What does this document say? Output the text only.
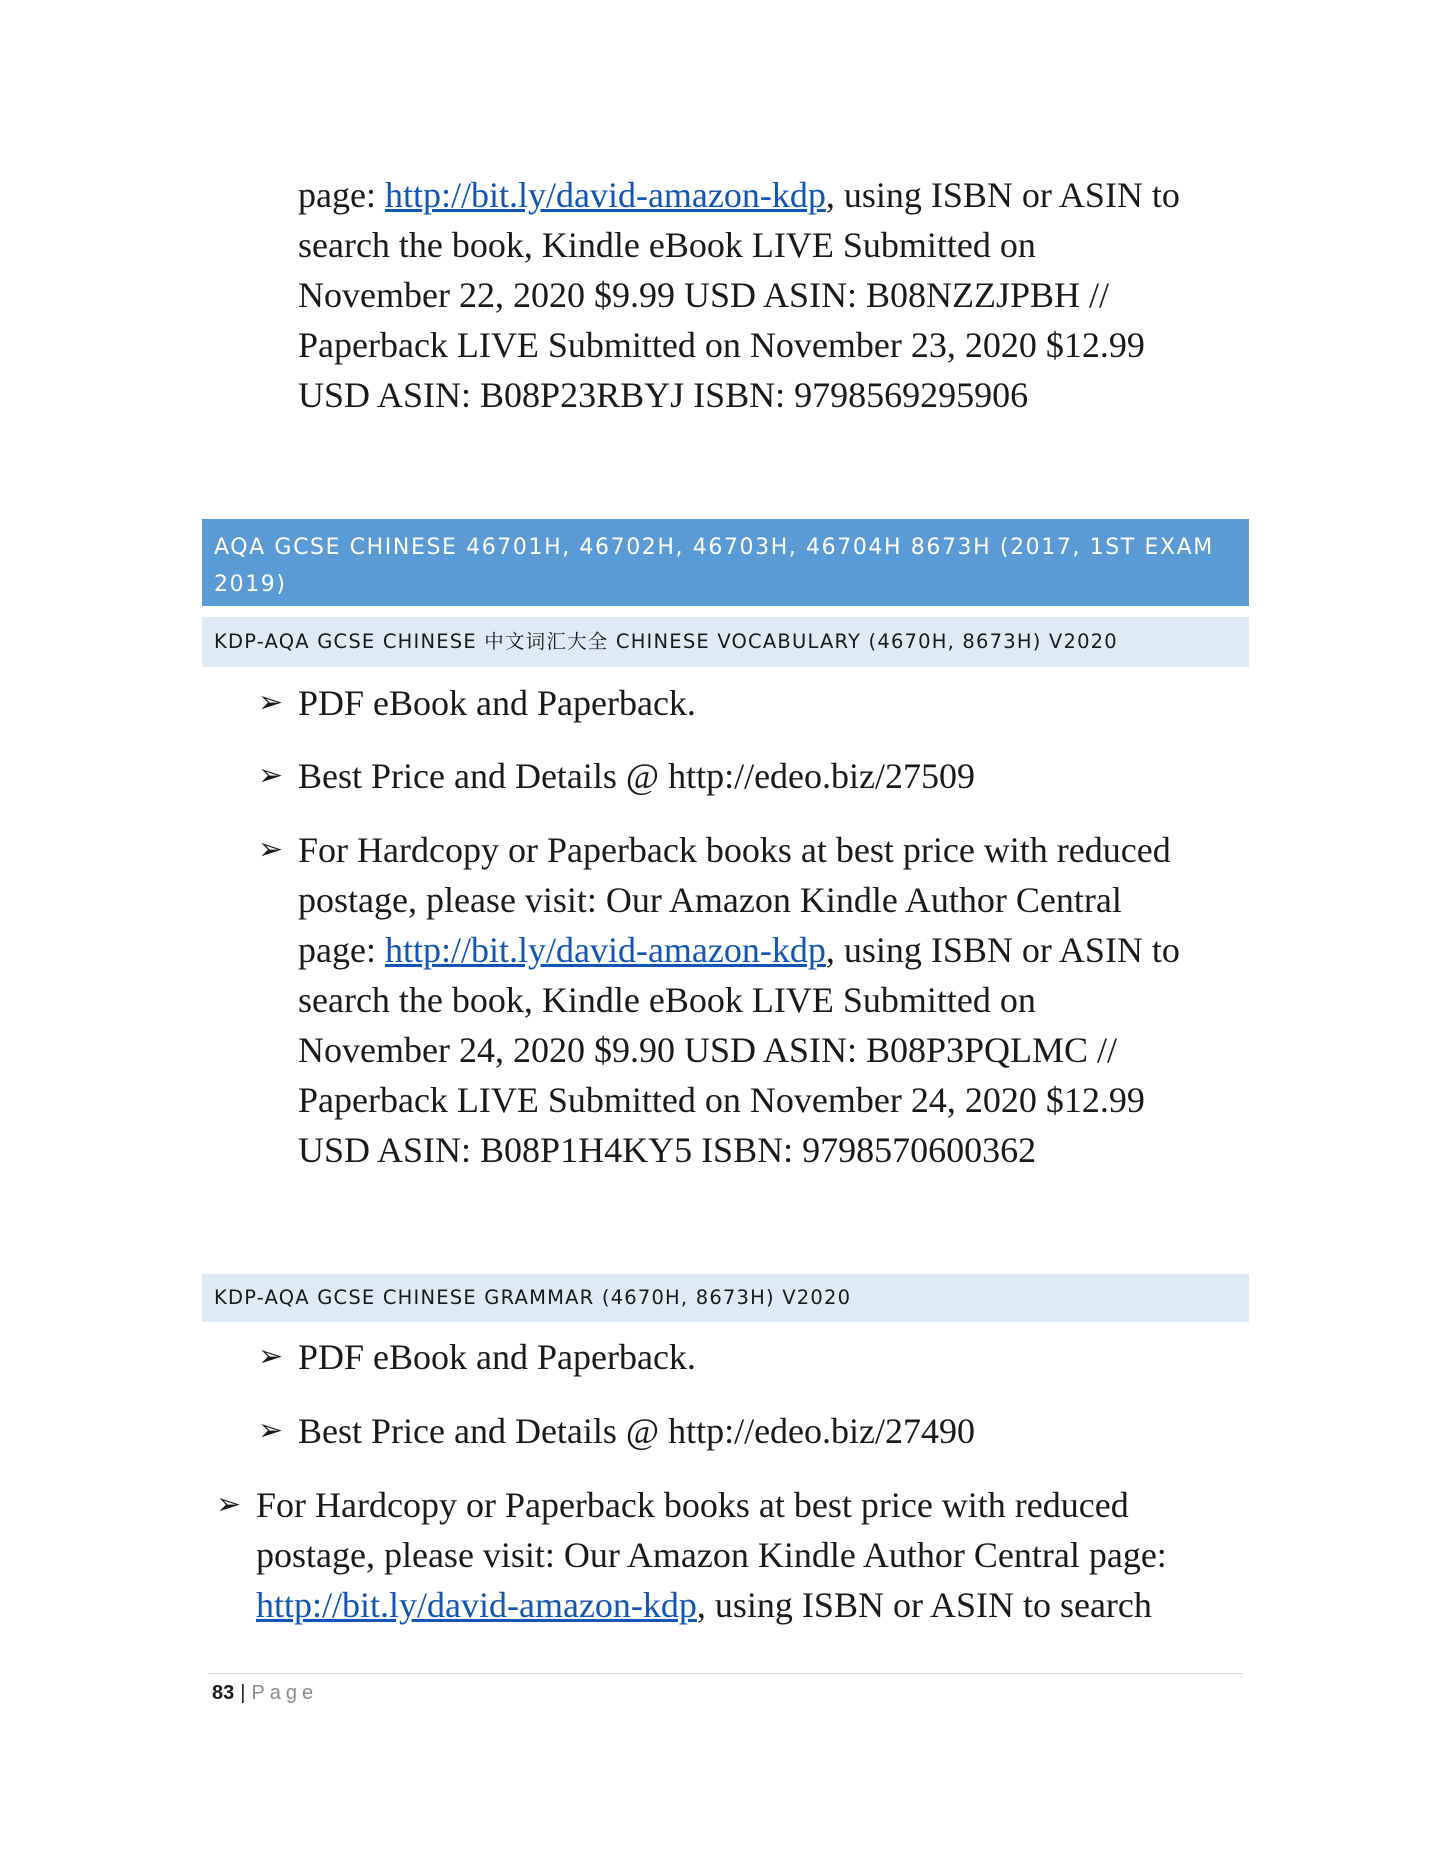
page: http://bit.ly/david-amazon-kdp, using ISBN or ASIN to
search the book, Kindle eBook LIVE Submitted on
November 22, 2020 $9.99 USD ASIN: B08NZZJPBH //
Paperback LIVE Submitted on November 23, 2020 $12.99
USD ASIN: B08P23RBYJ ISBN: 9798569295906
AQA GCSE CHINESE 46701H, 46702H, 46703H, 46704H 8673H (2017, 1ST EXAM
2019)
KDP-AQA GCSE CHINESE 中文词汇大全 CHINESE VOCABULARY (4670H, 8673H) V2020
➢ PDF eBook and Paperback.
➢ Best Price and Details @ http://edeo.biz/27509
➢ For Hardcopy or Paperback books at best price with reduced
postage, please visit: Our Amazon Kindle Author Central
page: http://bit.ly/david-amazon-kdp, using ISBN or ASIN to
search the book, Kindle eBook LIVE Submitted on
November 24, 2020 $9.90 USD ASIN: B08P3PQLMC //
Paperback LIVE Submitted on November 24, 2020 $12.99
USD ASIN: B08P1H4KY5 ISBN: 9798570600362
KDP-AQA GCSE CHINESE GRAMMAR (4670H, 8673H) V2020
➢ PDF eBook and Paperback.
➢ Best Price and Details @ http://edeo.biz/27490
➢ For Hardcopy or Paperback books at best price with reduced
postage, please visit: Our Amazon Kindle Author Central page:
http://bit.ly/david-amazon-kdp, using ISBN or ASIN to search
83 | Page
